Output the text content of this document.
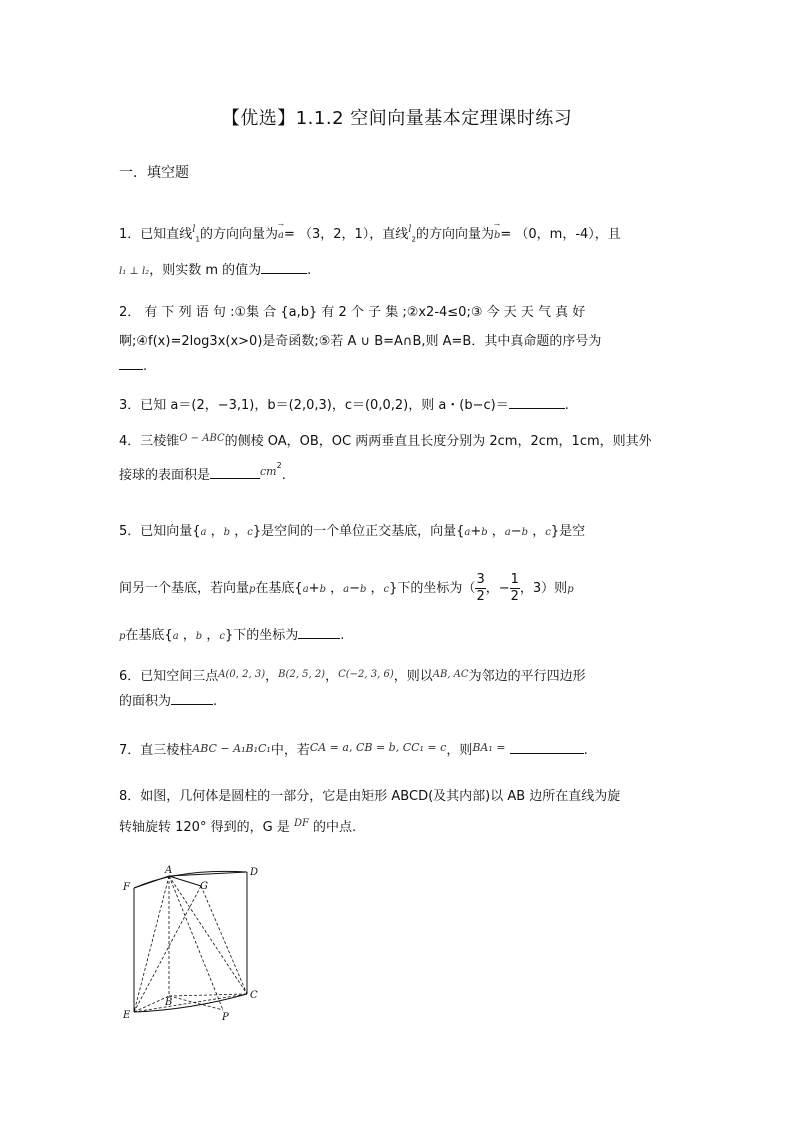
【优选】1.1.2 空间向量基本定理课时练习
一．填空题
1．已知直线$^l_1$的方向向量为→ a= （3，2，1），直线$^l_2$的方向向量为→ b= （0，m，-4），且
l₁ ⊥ l₂，则实数 m 的值为	.
2． 有 下 列 语 句 :①集 合 {a,b} 有 2 个 子 集 ;②x2-4≤0;③ 今 天 天 气 真 好
啊;④f(x)=2log3x(x>0)是奇函数;⑤若 A ∪ B=A∩B,则 A=B．其中真命题的序号为
.
3．已知 a＝(2，−3,1)，b＝(2,0,3)，c＝(0,0,2)，则 a・(b−c)＝	.
4．三棱锥$^{O - ABC}$的侧棱 OA，OB，OC 两两垂直且长度分别为 2cm，2cm，1cm，则其外
接球的表面积是	$^{cm2}$.
5．已知向量{a ，b ，c}是空间的一个单位正交基底，向量{a+b ，a−b ，c}是空
间另一个基底，若向量p在基底{a+b ，a−b ，c}下的坐标为（ $\frac{3}{2}$ ，− $\frac{1}{2}$ ，3）则p
p在基底{a ，b ，c}下的坐标为	.
6．已知空间三点$^{A(0, 2, 3)}$，$^{B(2, 5, 2)}$，$^{C(-2, 3, 6)}$，则以$^{AB, AC}$为邻边的平行四边形
的面积为	.
7．直三棱柱ABC − A₁B₁C₁中，若$^{CA = a, CB = b, CC_1 = c}$，则$^{BA_1 =}$	.
8．如图，几何体是圆柱的一部分，它是由矩形 ABCD(及其内部)以 AB 边所在直线为旋
转轴旋转 120° 得到的，G 是 $^{DF}$ 的中点.
A	D
F	G
B
C
E	P
